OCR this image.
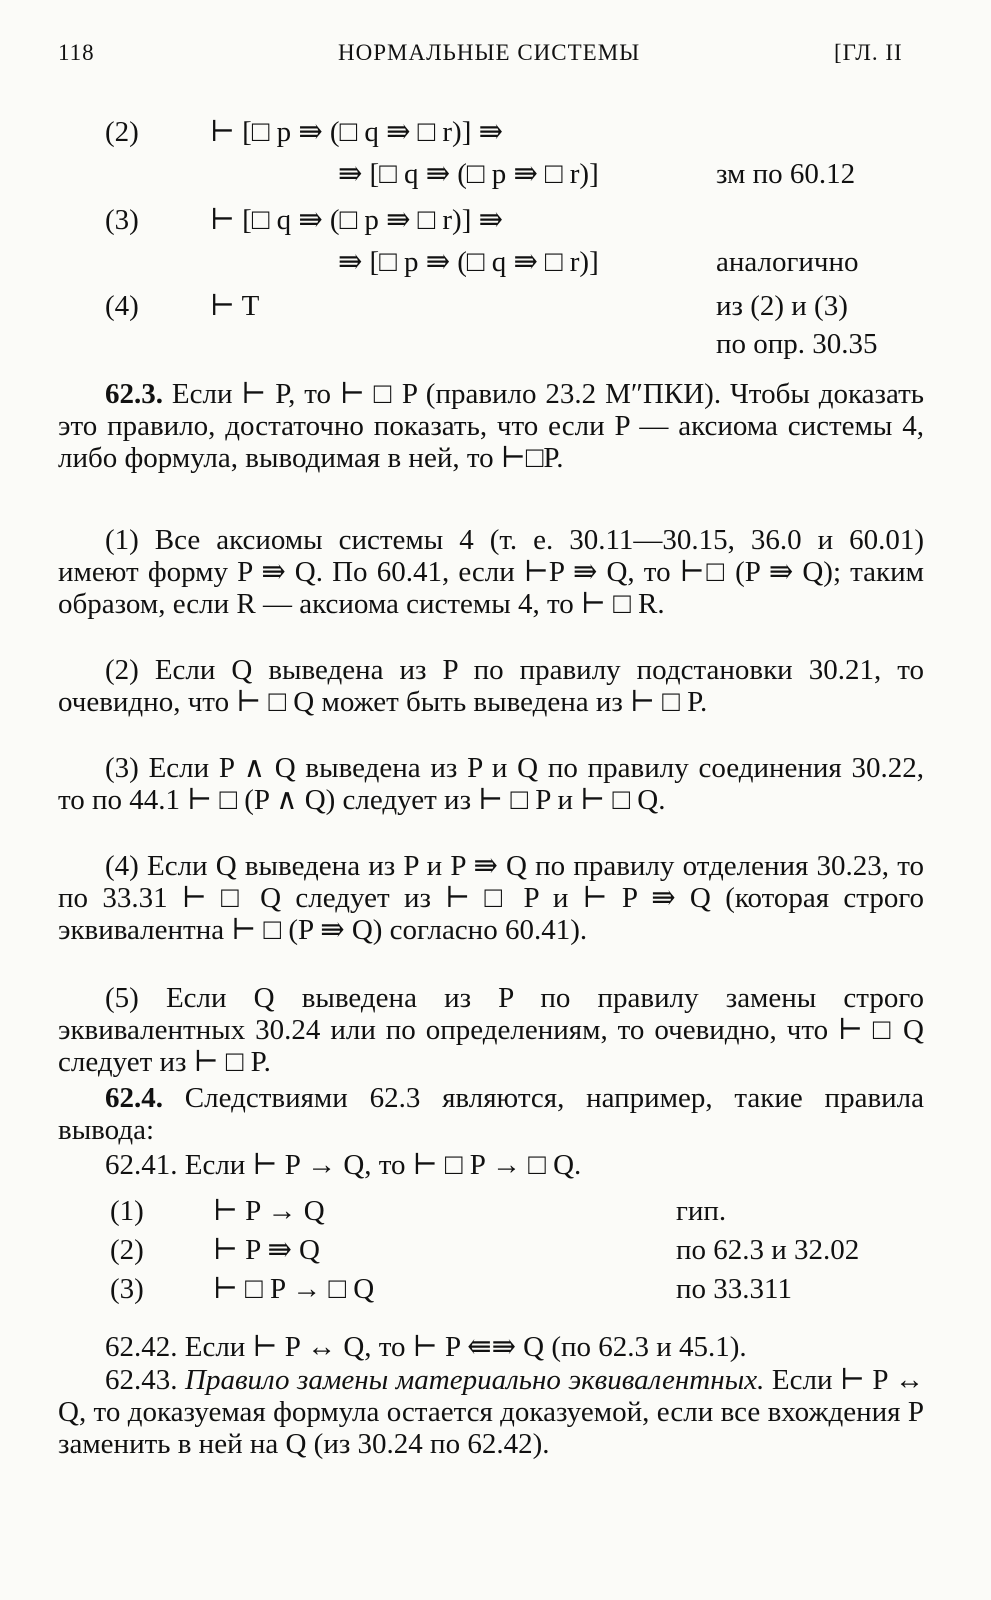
118	НОРМАЛЬНЫЕ СИСТЕМЫ	[ГЛ. II
(2) ⊢ [□ p ⇛ (□ q ⇛ □ r)] ⇛
⇛ [□ q ⇛ (□ p ⇛ □ r)]	зм по 60.12
(3) ⊢ [□ q ⇛ (□ p ⇛ □ r)] ⇛
⇛ [□ p ⇛ (□ q ⇛ □ r)]	аналогично
(4) ⊢ T	из (2) и (3)
по опр. 30.35
62.3. Если ⊢ P, то ⊢ □ P (правило 23.2 M″ПКИ). Чтобы доказать это правило, достаточно показать, что если P — аксиома системы 4, либо формула, выводимая в ней, то ⊢□P.
(1) Все аксиомы системы 4 (т. е. 30.11—30.15, 36.0 и 60.01) имеют форму P ⇛ Q. По 60.41, если ⊢P ⇛ Q, то ⊢□ (P ⇛ Q); таким образом, если R — аксиома системы 4, то ⊢ □ R.
(2) Если Q выведена из P по правилу подстановки 30.21, то очевидно, что ⊢ □ Q может быть выведена из ⊢ □ P.
(3) Если P ∧ Q выведена из P и Q по правилу соединения 30.22, то по 44.1 ⊢ □ (P ∧ Q) следует из ⊢ □ P и ⊢ □ Q.
(4) Если Q выведена из P и P ⇛ Q по правилу отделения 30.23, то по 33.31 ⊢ □ Q следует из ⊢ □ P и ⊢ P ⇛ Q (которая строго эквивалентна ⊢ □ (P ⇛ Q) согласно 60.41).
(5) Если Q выведена из P по правилу замены строго эквивалентных 30.24 или по определениям, то очевидно, что ⊢ □ Q следует из ⊢ □ P.
62.4. Следствиями 62.3 являются, например, такие правила вывода:
62.41. Если ⊢ P → Q, то ⊢ □ P → □ Q.
(1) ⊢ P → Q	гип.
(2) ⊢ P ⇛ Q	по 62.3 и 32.02
(3) ⊢ □ P → □ Q	по 33.311
62.42. Если ⊢ P ↔ Q, то ⊢ P ⇚⇛ Q (по 62.3 и 45.1).
62.43. Правило замены материально эквивалентных. Если ⊢ P ↔ Q, то доказуемая формула остается доказуемой, если все вхождения P заменить в ней на Q (из 30.24 по 62.42).
